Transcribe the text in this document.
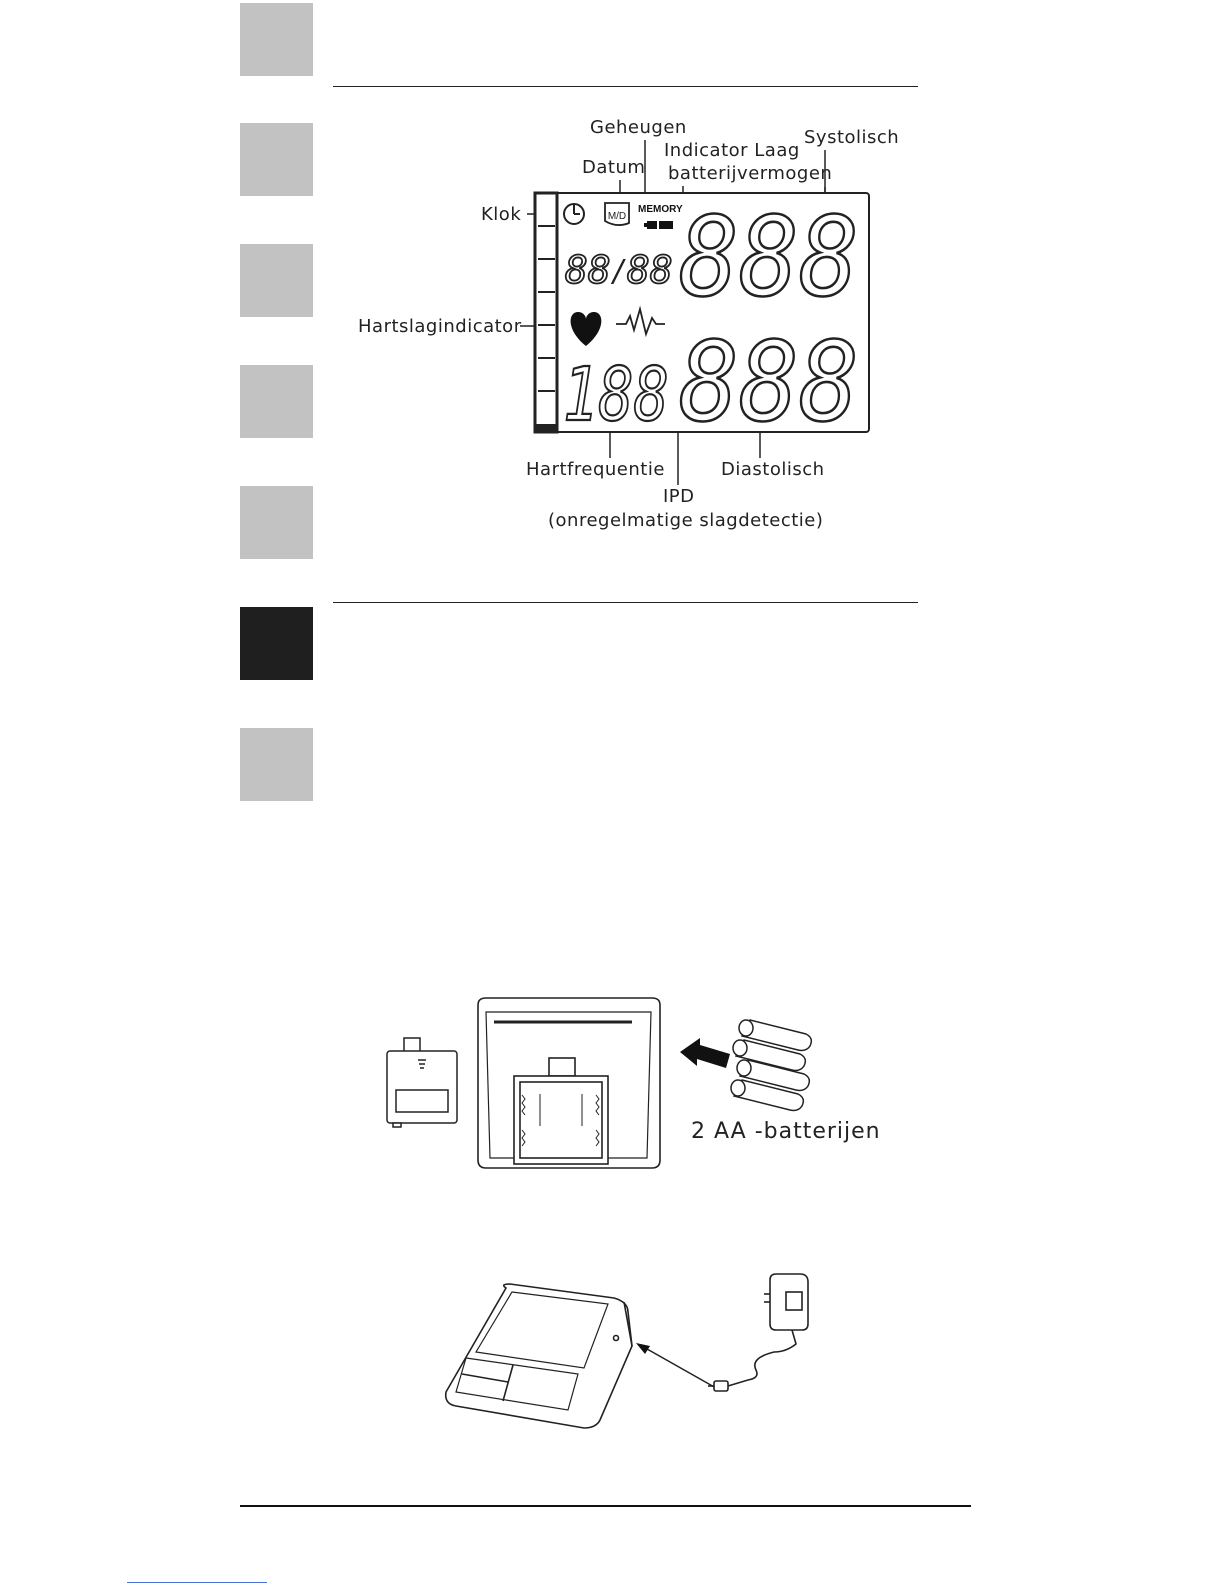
Geheugen
Datum
Indicator Laag
batterijvermogen
Systolisch
Klok
Hartslagindicator
Hartfrequentie	Diastolisch
IPD
(onregelmatige slagdetectie)
M/D
MEMORY
88 / 88
188
888
888
2 AA -batterijen
